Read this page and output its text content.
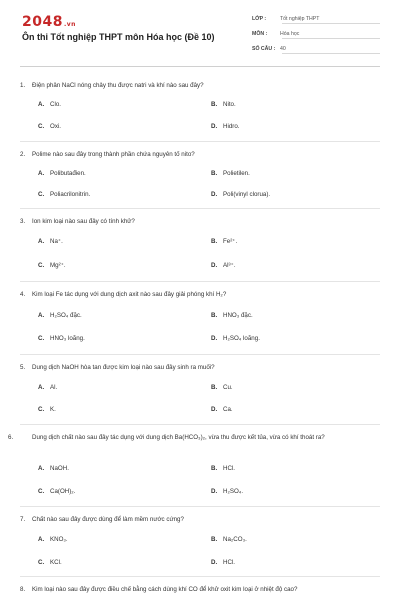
2048.vn
Ôn thi Tốt nghiệp THPT môn Hóa học (Đề 10)
LỚP :	Tốt nghiệp THPT
MÔN : Hóa học
SỐ CÂU : 40
1. Điện phân NaCl nóng chảy thu được natri và khí nào sau đây?
A. Clo.	B. Nito.
C. Oxi.	D. Hidro.
2. Polime nào sau đây trong thành phần chứa nguyên tố nito?
A. Polibutađien.	B. Polietilen.
C. Poliacrilonitrin.	D. Poli(vinyl clorua).
3. Ion kim loại nào sau đây có tính khử?
A. Na⁺.	B. Fe²⁺.
C. Mg²⁺.	D. Al³⁺.
4. Kim loại Fe tác dụng với dung dịch axit nào sau đây giải phóng khí H₂?
A. H₂SO₄ đặc.	B. HNO₃ đặc.
C. HNO₃ loãng.	D. H₂SO₄ loãng.
5. Dung dịch NaOH hòa tan được kim loại nào sau đây sinh ra muối?
A. Al.	B. Cu.
C. K.	D. Ca.
6.	Dung dịch chất nào sau đây tác dụng với dung dịch Ba(HCO₃)₂, vừa thu được kết tủa, vừa có khí thoát ra?
A. NaOH.	B. HCl.
C. Ca(OH)₂.	D. H₂SO₄.
7. Chất nào sau đây được dùng để làm mềm nước cứng?
A. KNO₃.	B. Na₂CO₃.
C. KCl.	D. HCl.
8. Kim loại nào sau đây được điều chế bằng cách dùng khí CO để khử oxit kim loại ở nhiệt độ cao?
